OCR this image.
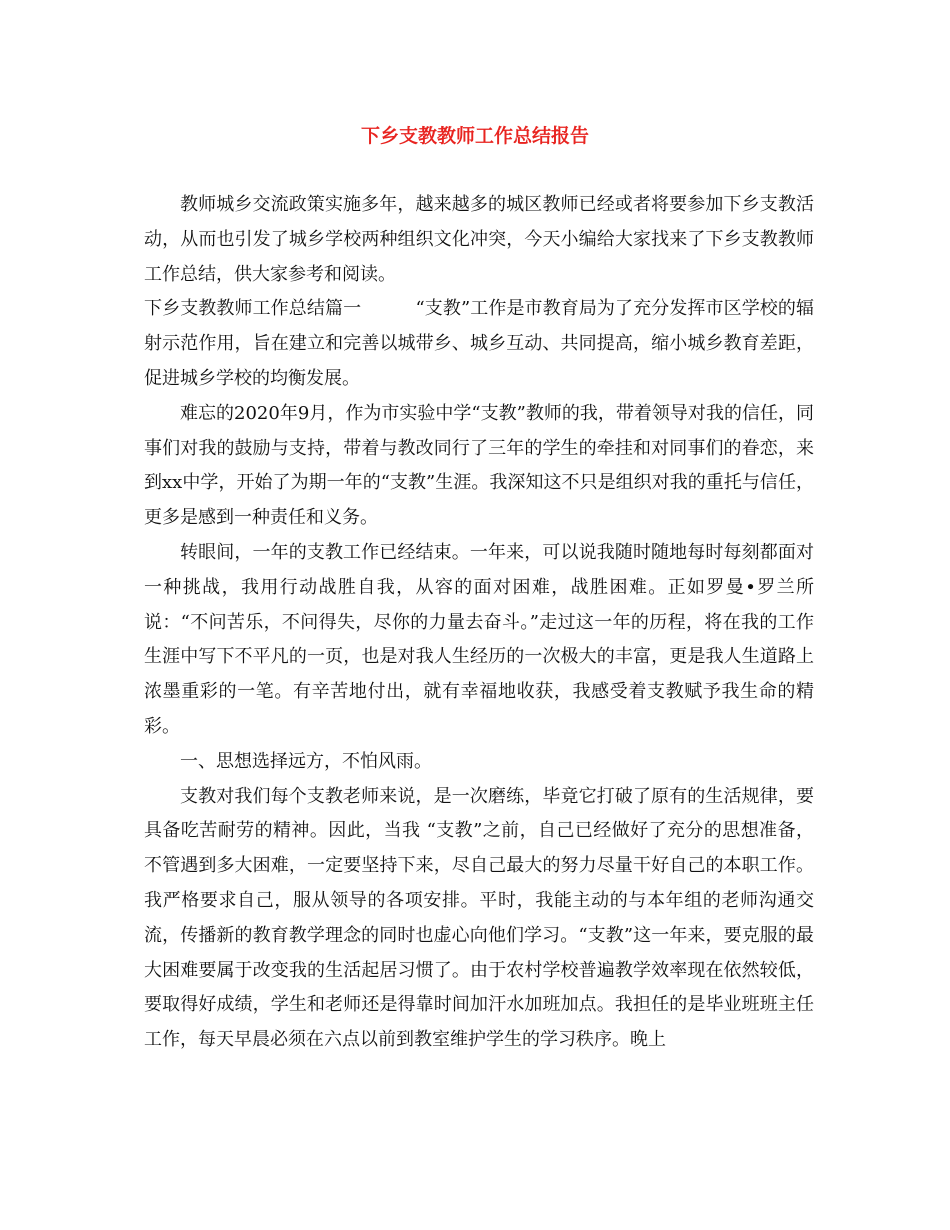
下乡支教教师工作总结报告

教师城乡交流政策实施多年，越来越多的城区教师已经或者将要参加下乡支教活动，从而也引发了城乡学校两种组织文化冲突，今天小编给大家找来了下乡支教教师工作总结，供大家参考和阅读。

下乡支教教师工作总结篇一　　　“支教”工作是市教育局为了充分发挥市区学校的辐射示范作用，旨在建立和完善以城带乡、城乡互动、共同提高，缩小城乡教育差距，促进城乡学校的均衡发展。

难忘的2020年9月，作为市实验中学“支教”教师的我，带着领导对我的信任，同事们对我的鼓励与支持，带着与教改同行了三年的学生的牵挂和对同事们的眷恋，来到xx中学，开始了为期一年的“支教”生涯。我深知这不只是组织对我的重托与信任，更多是感到一种责任和义务。

转眼间，一年的支教工作已经结束。一年来，可以说我随时随地每时每刻都面对一种挑战，我用行动战胜自我，从容的面对困难，战胜困难。正如罗曼•罗兰所说：“不问苦乐，不问得失，尽你的力量去奋斗。”走过这一年的历程，将在我的工作生涯中写下不平凡的一页，也是对我人生经历的一次极大的丰富，更是我人生道路上浓墨重彩的一笔。有辛苦地付出，就有幸福地收获，我感受着支教赋予我生命的精彩。

一、思想选择远方，不怕风雨。

支教对我们每个支教老师来说，是一次磨练，毕竟它打破了原有的生活规律，要具备吃苦耐劳的精神。因此，当我 “支教”之前，自己已经做好了充分的思想准备，不管遇到多大困难，一定要坚持下来，尽自己最大的努力尽量干好自己的本职工作。我严格要求自己，服从领导的各项安排。平时，我能主动的与本年组的老师沟通交流，传播新的教育教学理念的同时也虚心向他们学习。“支教”这一年来，要克服的最大困难要属于改变我的生活起居习惯了。由于农村学校普遍教学效率现在依然较低，要取得好成绩，学生和老师还是得靠时间加汗水加班加点。我担任的是毕业班班主任工作，每天早晨必须在六点以前到教室维护学生的学习秩序。晚上
